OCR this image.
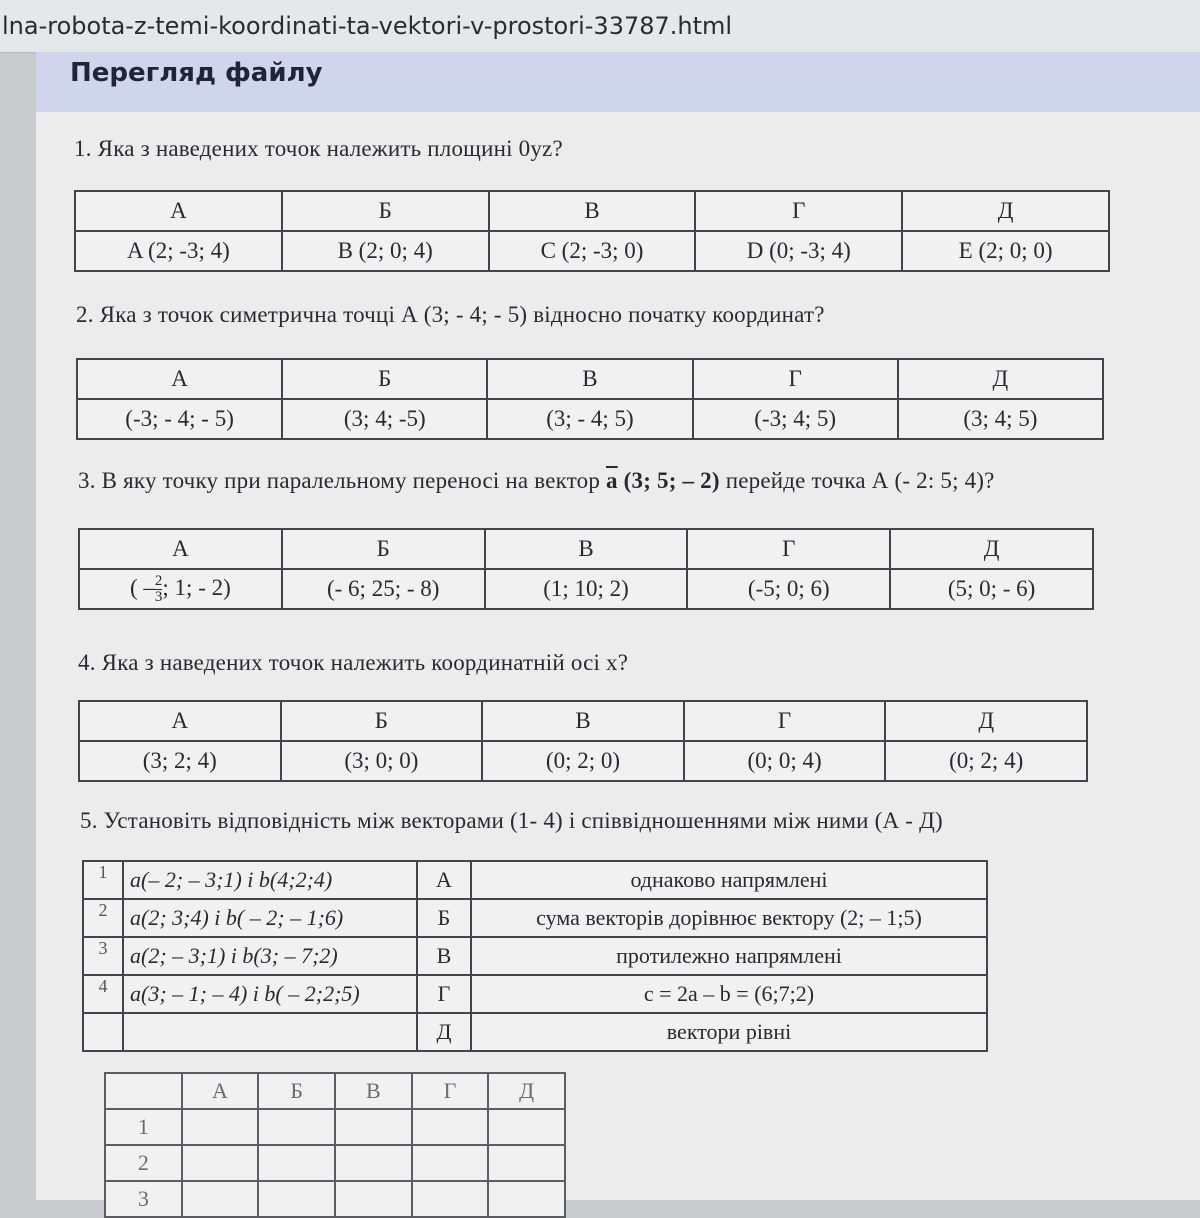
lna-robota-z-temi-koordinati-ta-vektori-v-prostori-33787.html
Перегляд файлу
1. Яка з наведених точок належить площині 0yz?
А	Б	В	Г	Д
A (2; -3; 4)	B (2; 0; 4)	C (2; -3; 0)	D (0; -3; 4)	E (2; 0; 0)
2. Яка з точок симетрична точці А (3; - 4; - 5) відносно початку координат?
А	Б	В	Г	Д
(-3; - 4; - 5)	(3; 4; -5)	(3; - 4; 5)	(-3; 4; 5)	(3; 4; 5)
3. В яку точку при паралельному переносі на вектор $\overline{a}$ (3; 5; – 2) перейде точка А (- 2: 5; 4)?
А	Б	В	Г	Д
( – $\frac{2}{3}$ ; 1; - 2)	(- 6; 25; - 8)	(1; 10; 2)	(-5; 0; 6)	(5; 0; - 6)
4. Яка з наведених точок належить координатній осі x?
А	Б	В	Г	Д
(3; 2; 4)	(3; 0; 0)	(0; 2; 0)	(0; 0; 4)	(0; 2; 4)
5. Установіть відповідність між векторами (1- 4) і співвідношеннями між ними (А - Д)
1	a(– 2; – 3;1) і b(4;2;4)	А	однаково напрямлені
2	a(2; 3;4) і b( – 2; – 1;6)	Б	сума векторів дорівнює вектору (2; – 1;5)
3	a(2; – 3;1) і b(3; – 7;2)	В	протилежно напрямлені
4	a(3; – 1; – 4) і b( – 2;2;5)	Г	c = 2a – b = (6;7;2)
		Д	вектори рівні
	А	Б	В	Г	Д
1					
2					
3					
